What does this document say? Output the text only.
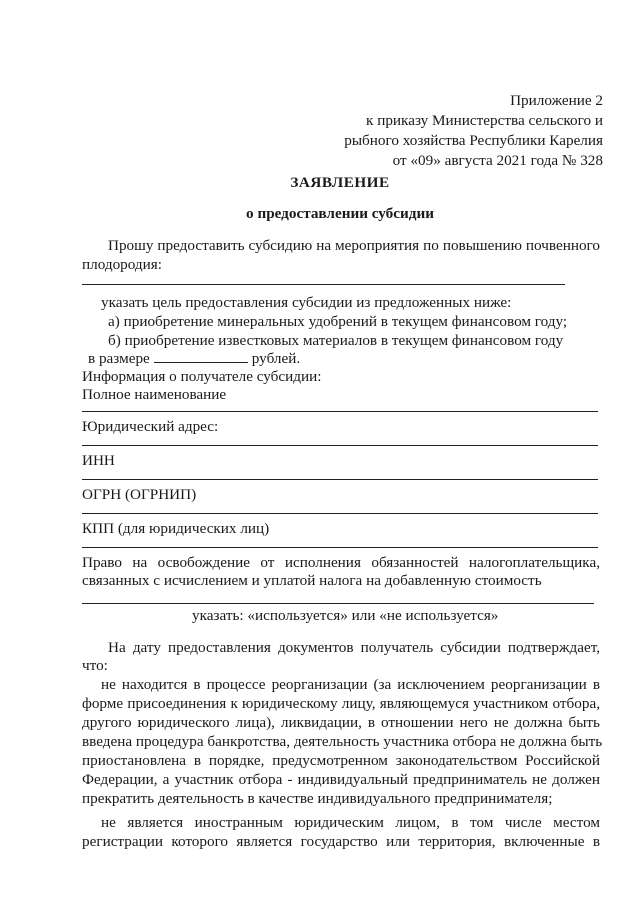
Приложение 2
к приказу Министерства сельского и
рыбного хозяйства Республики Карелия
от «09» августа 2021 года № 328
ЗАЯВЛЕНИЕ
о предоставлении субсидии
Прошу предоставить субсидию на мероприятия по повышению почвенного
плодородия:
указать цель предоставления субсидии из предложенных ниже:
а) приобретение минеральных удобрений в текущем финансовом году;
б) приобретение известковых материалов в текущем финансовом году
в размере	рублей.
Информация о получателе субсидии:
Полное наименование
Юридический адрес:
ИНН
ОГРН (ОГРНИП)
КПП (для юридических лиц)
Право на освобождение от исполнения обязанностей налогоплательщика,
связанных с исчислением и уплатой налога на добавленную стоимость
указать: «используется» или «не используется»
На дату предоставления документов получатель субсидии подтверждает,
что:
не находится в процессе реорганизации (за исключением реорганизации в
форме присоединения к юридическому лицу, являющемуся участником отбора,
другого юридического лица), ликвидации, в отношении него не должна быть
введена процедура банкротства, деятельность участника отбора не должна быть
приостановлена в порядке, предусмотренном законодательством Российской
Федерации, а участник отбора - индивидуальный предприниматель не должен
прекратить деятельность в качестве индивидуального предпринимателя;
не является иностранным юридическим лицом, в том числе местом
регистрации которого является государство или территория, включенные в
